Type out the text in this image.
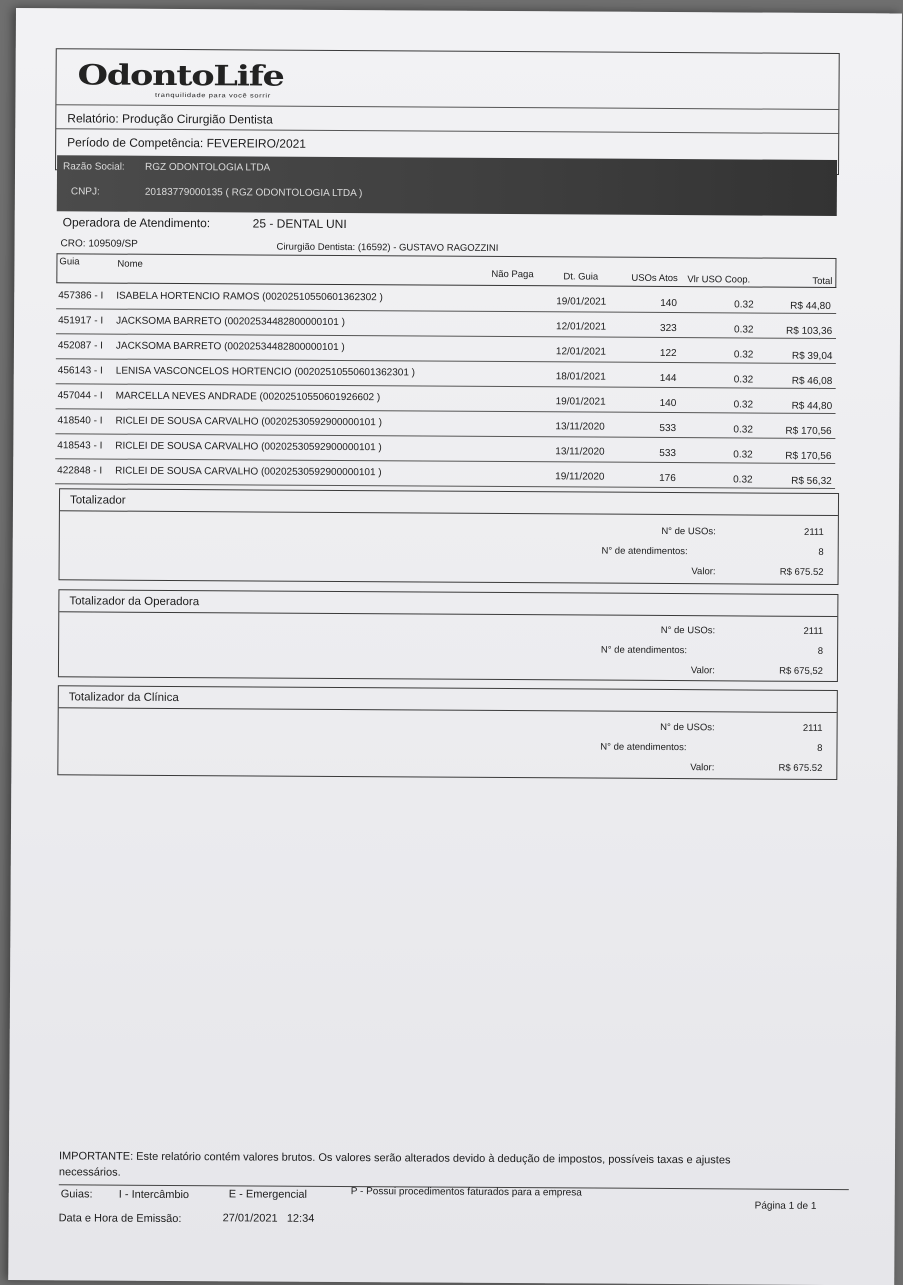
OdontoLife
tranquilidade para você sorrir
Relatório: Produção Cirurgião Dentista
Período de Competência: FEVEREIRO/2021
Razão Social: RGZ ODONTOLOGIA LTDA
CNPJ:	20183779000135 ( RGZ ODONTOLOGIA LTDA )
Operadora de Atendimento:	25 - DENTAL UNI
CRO: 109509/SP	Cirurgião Dentista: (16592) - GUSTAVO RAGOZZINI
Guia	Nome
Não Paga	Dt. Guia	USOs Atos Vlr USO Coop.	Total
457386 - I ISABELA HORTENCIO RAMOS (00202510550601362302 )	19/01/2021	140	0.32	R$ 44,80
451917 - I JACKSOMA BARRETO (00202534482800000101 )	12/01/2021	323	0.32	R$ 103,36
452087 - I JACKSOMA BARRETO (00202534482800000101 )	12/01/2021	122	0.32	R$ 39,04
456143 - I LENISA VASCONCELOS HORTENCIO (00202510550601362301 )	18/01/2021	144	0.32	R$ 46,08
457044 - I MARCELLA NEVES ANDRADE (00202510550601926602 )	19/01/2021	140	0.32	R$ 44,80
418540 - I RICLEI DE SOUSA CARVALHO (00202530592900000101 )	13/11/2020	533	0.32	R$ 170,56
418543 - I RICLEI DE SOUSA CARVALHO (00202530592900000101 )	13/11/2020	533	0.32	R$ 170,56
422848 - I RICLEI DE SOUSA CARVALHO (00202530592900000101 )	19/11/2020	176	0.32	R$ 56,32
Totalizador
N° de USOs:	2111
N° de atendimentos:	8
Valor:	R$ 675.52
Totalizador da Operadora
N° de USOs:	2111
N° de atendimentos:	8
Valor:	R$ 675,52
Totalizador da Clínica
N° de USOs:	2111
N° de atendimentos:	8
Valor:	R$ 675.52
IMPORTANTE: Este relatório contém valores brutos. Os valores serão alterados devido à dedução de impostos, possíveis taxas e ajustes
necessários.
Guias: I - Intercâmbio	E - Emergencial	P - Possui procedimentos faturados para a empresa
Página 1 de 1
Data e Hora de Emissão:	27/01/2021   12:34
